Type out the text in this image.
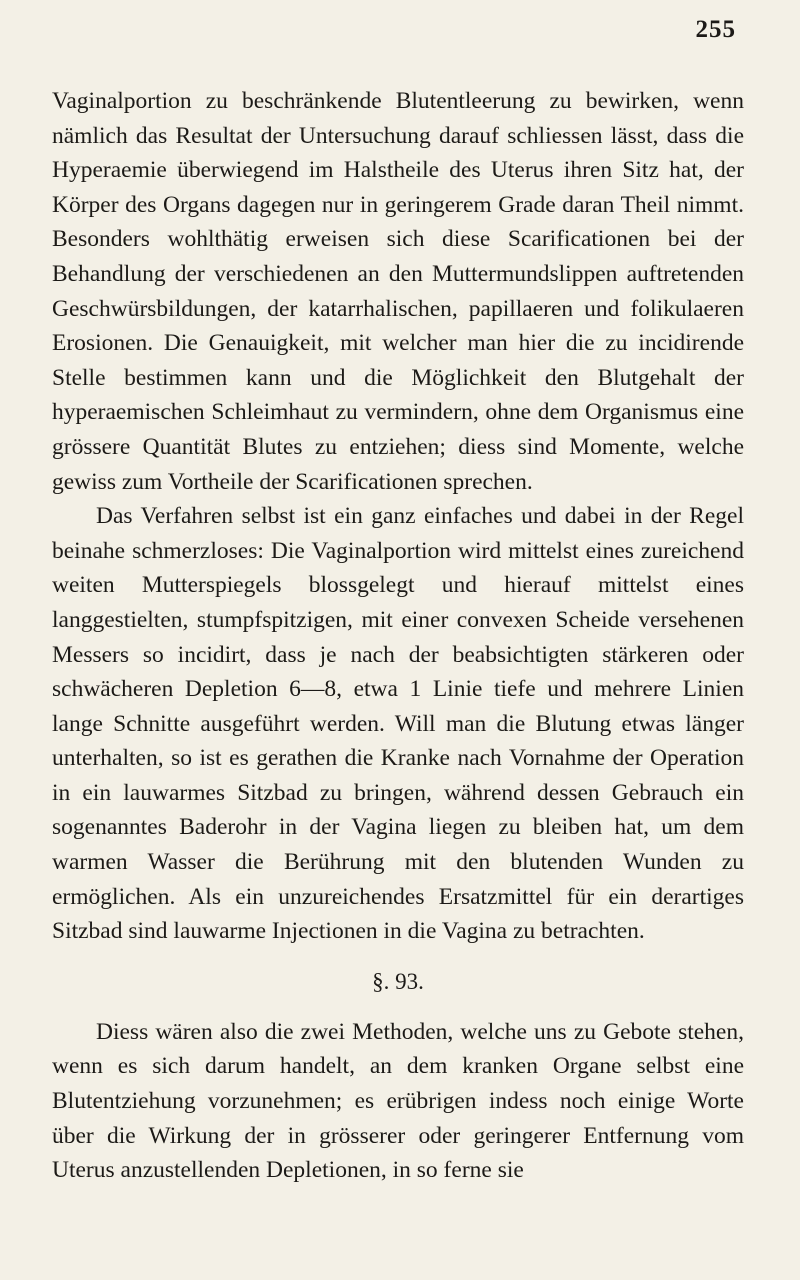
255

Vaginalportion zu beschränkende Blutentleerung zu bewirken, wenn nämlich das Resultat der Untersuchung darauf schliessen lässt, dass die Hyperaemie überwiegend im Halstheile des Uterus ihren Sitz hat, der Körper des Organs dagegen nur in geringerem Grade daran Theil nimmt. Besonders wohlthätig erweisen sich diese Scarificationen bei der Behandlung der verschiedenen an den Muttermundslippen auftretenden Geschwürsbildungen, der katarrhalischen, papillaeren und folikulaeren Erosionen. Die Genauigkeit, mit welcher man hier die zu incidirende Stelle bestimmen kann und die Möglichkeit den Blutgehalt der hyperaemischen Schleimhaut zu vermindern, ohne dem Organismus eine grössere Quantität Blutes zu entziehen; diess sind Momente, welche gewiss zum Vortheile der Scarificationen sprechen.

Das Verfahren selbst ist ein ganz einfaches und dabei in der Regel beinahe schmerzloses: Die Vaginalportion wird mittelst eines zureichend weiten Mutterspiegels blossgelegt und hierauf mittelst eines langgestielten, stumpfspitzigen, mit einer convexen Scheide versehenen Messers so incidirt, dass je nach der beabsichtigten stärkeren oder schwächeren Depletion 6—8, etwa 1 Linie tiefe und mehrere Linien lange Schnitte ausgeführt werden. Will man die Blutung etwas länger unterhalten, so ist es gerathen die Kranke nach Vornahme der Operation in ein lauwarmes Sitzbad zu bringen, während dessen Gebrauch ein sogenanntes Baderohr in der Vagina liegen zu bleiben hat, um dem warmen Wasser die Berührung mit den blutenden Wunden zu ermöglichen. Als ein unzureichendes Ersatzmittel für ein derartiges Sitzbad sind lauwarme Injectionen in die Vagina zu betrachten.

§. 93.

Diess wären also die zwei Methoden, welche uns zu Gebote stehen, wenn es sich darum handelt, an dem kranken Organe selbst eine Blutentziehung vorzunehmen; es erübrigen indess noch einige Worte über die Wirkung der in grösserer oder geringerer Entfernung vom Uterus anzustellenden Depletionen, in so ferne sie
